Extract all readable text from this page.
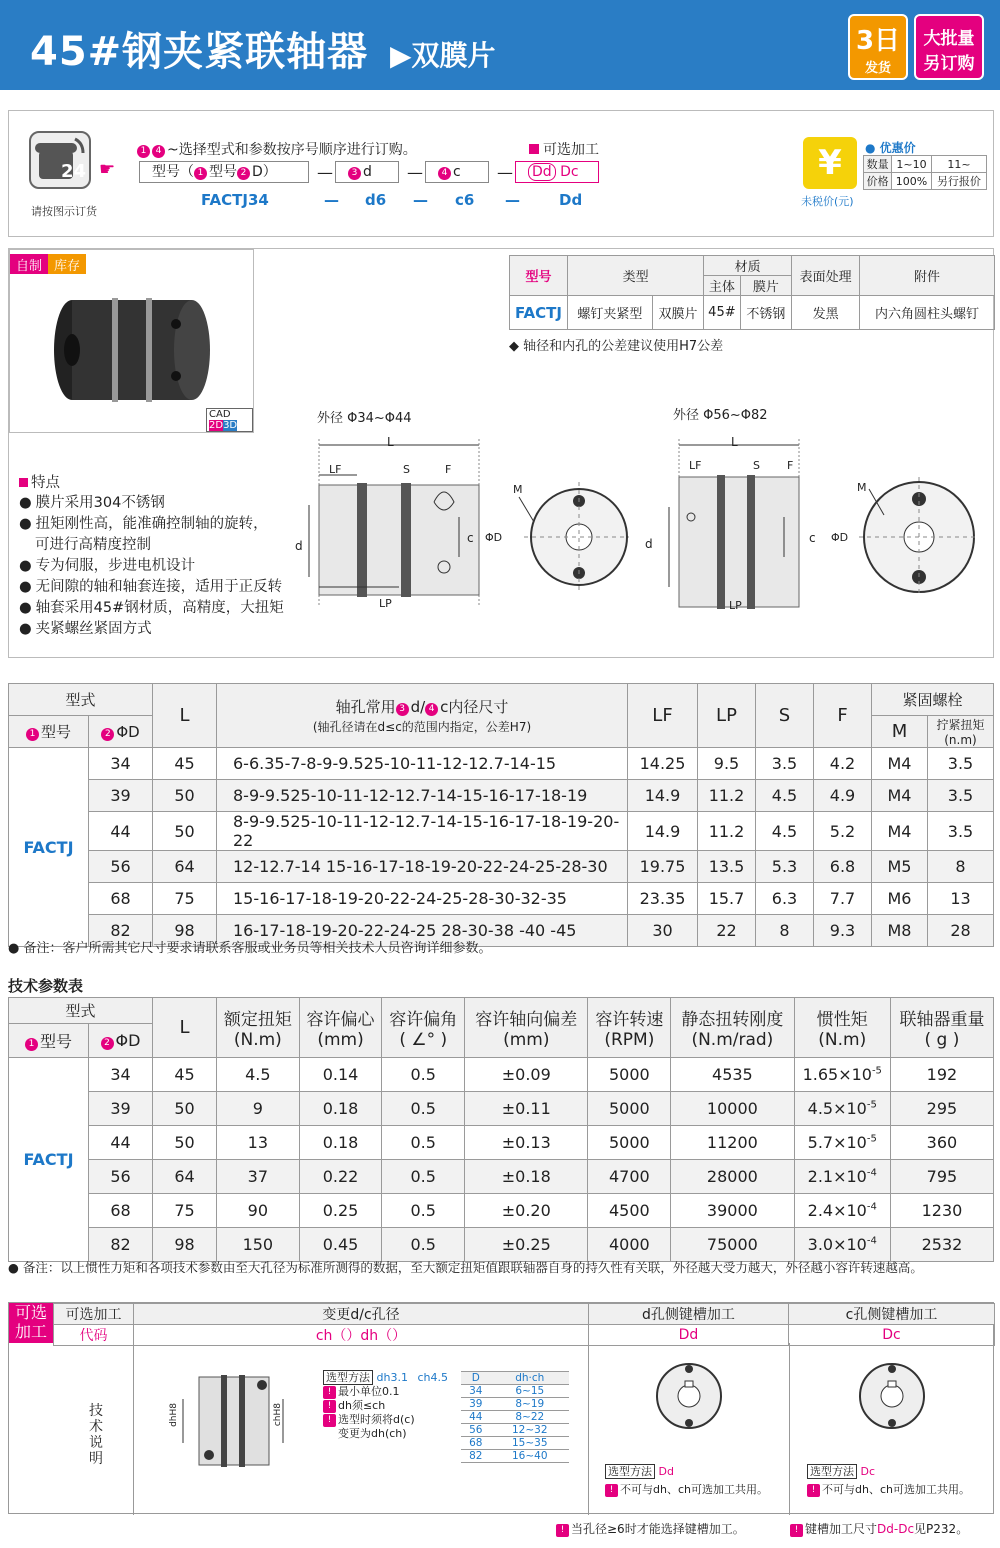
45#钢夹紧联轴器 ▶双膜片	3日
发货
大批量
另订购
24
请按图示订货
☛
1 4 ~选择型式和参数按序号顺序进行订购。	可选加工
型号（ 1 型号 2 D）	—	3 d	—	4 c	—	Dd Dc
FACTJ34	— d6 — c6 —	Dd
¥
未税价(元)
● 优惠价
数量	1~10	11~
价格	100%	另行报价
自制 库存
CAD 2D3D
型号	类型		材质		表面处理	附件
			主体	膜片		
FACTJ	螺钉夹紧型	双膜片	45#	不锈钢	发黑	内六角圆柱头螺钉
◆ 轴径和内孔的公差建议使用H7公差
外径 Φ34~Φ44	外径 Φ56~Φ82
L
LF	S	F
d
c ΦD
LP
M
L
LF	S F
d	c ΦD
LP
M
特点
● 膜片采用304不锈钢
● 扭矩刚性高，能准确控制轴的旋转，
可进行高精度控制
● 专为伺服，步进电机设计
● 无间隙的轴和轴套连接，适用于正反转
● 轴套采用45#钢材质，高精度，大扭矩
● 夹紧螺丝紧固方式
型式		L	轴孔常用 3 d/ 4 c内径尺寸
(轴孔径请在d≤c的范围内指定，公差H7)	LF	LP	S	F	紧固螺栓	
1 型号	2 ΦD							M	拧紧扭矩(n.m)
FACTJ	34	45	6-6.35-7-8-9-9.525-10-11-12-12.7-14-15	14.25	9.5	3.5	4.2	M4	3.5
	39	50	8-9-9.525-10-11-12-12.7-14-15-16-17-18-19	14.9	11.2	4.5	4.9	M4	3.5
	44	50	8-9-9.525-10-11-12-12.7-14-15-16-17-18-19-20-22	14.9	11.2	4.5	5.2	M4	3.5
	56	64	12-12.7-14 15-16-17-18-19-20-22-24-25-28-30	19.75	13.5	5.3	6.8	M5	8
	68	75	15-16-17-18-19-20-22-24-25-28-30-32-35	23.35	15.7	6.3	7.7	M6	13
	82	98	16-17-18-19-20-22-24-25 28-30-38 -40 -45	30	22	8	9.3	M8	28
● 备注：客户所需其它尺寸要求请联系客服或业务员等相关技术人员咨询详细参数。
技术参数表
型式		L	额定扭矩
(N.m)	容许偏心
(mm)	容许偏角
( ∠° )	容许轴向偏差
(mm)	容许转速
(RPM)	静态扭转刚度
(N.m/rad)	惯性矩
(N.m)	联轴器重量
( g )
1 型号	2 ΦD									
FACTJ	34	45	4.5	0.14	0.5	±0.09	5000	4535	$1.65\times 10^{-5}$	192
	39	50	9	0.18	0.5	±0.11	5000	10000	$4.5\times 10^{-5}$	295
	44	50	13	0.18	0.5	±0.13	5000	11200	$5.7\times 10^{-5}$	360
	56	64	37	0.22	0.5	±0.18	4700	28000	$2.1\times 10^{-4}$	795
	68	75	90	0.25	0.5	±0.20	4500	39000	$2.4\times 10^{-4}$	1230
	82	98	150	0.45	0.5	±0.25	4000	75000	$3.0\times 10^{-4}$	2532
● 备注：以上惯性力矩和各项技术参数由至大孔径为标准所测得的数据，至大额定扭矩值跟联轴器自身的持久性有关联，外径越大受力越大，外径越小容许转速越高。
可选
加工
可选加工	变更d/c孔径	d孔侧键槽加工	c孔侧键槽加工
代码	ch（）dh（）	Dd	Dc
技术说明
dhH8	chH8
选型方法 dh3.1 ch4.5
! 最小单位0.1
! dh须≤ch
! 选型时须将d(c)
变更为dh(ch)
D	dh·ch
34	6~15
39	8~19
44	8~22
56	12~32
68	15~35
82	16~40
选型方法 Dd
! 不可与dh、ch可选加工共用。
选型方法 Dc
! 不可与dh、ch可选加工共用。
! 当孔径≥6时才能选择键槽加工。	! 键槽加工尺寸Dd-Dc见P232。
